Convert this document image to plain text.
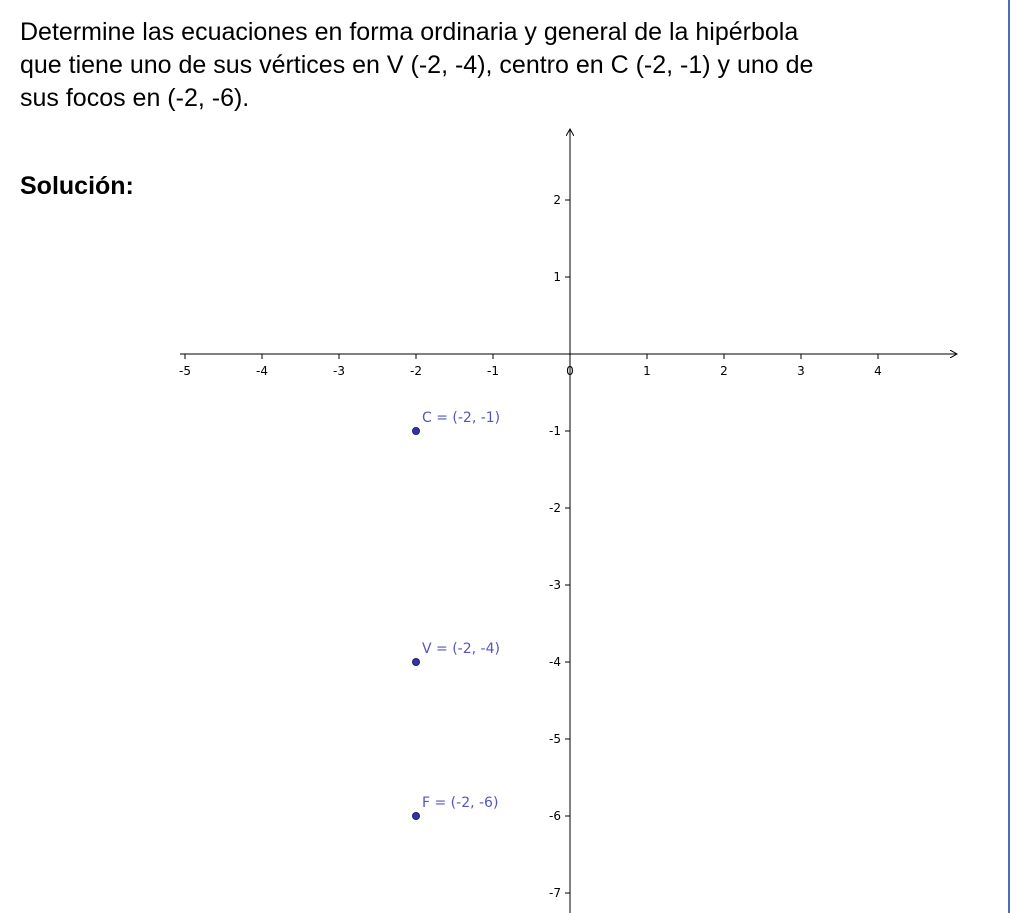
Determine las ecuaciones en forma ordinaria y general de la hipérbola
que tiene uno de sus vértices en V (-2, -4), centro en C (-2, -1) y uno de
sus focos en (-2, -6).
Solución:
-5	-4	-3	-2	-1	0	1	2	3	4
2
1
-1
-2
-3
-4
-5
-6
-7
C = (-2, -1)
V = (-2, -4)
F = (-2, -6)
